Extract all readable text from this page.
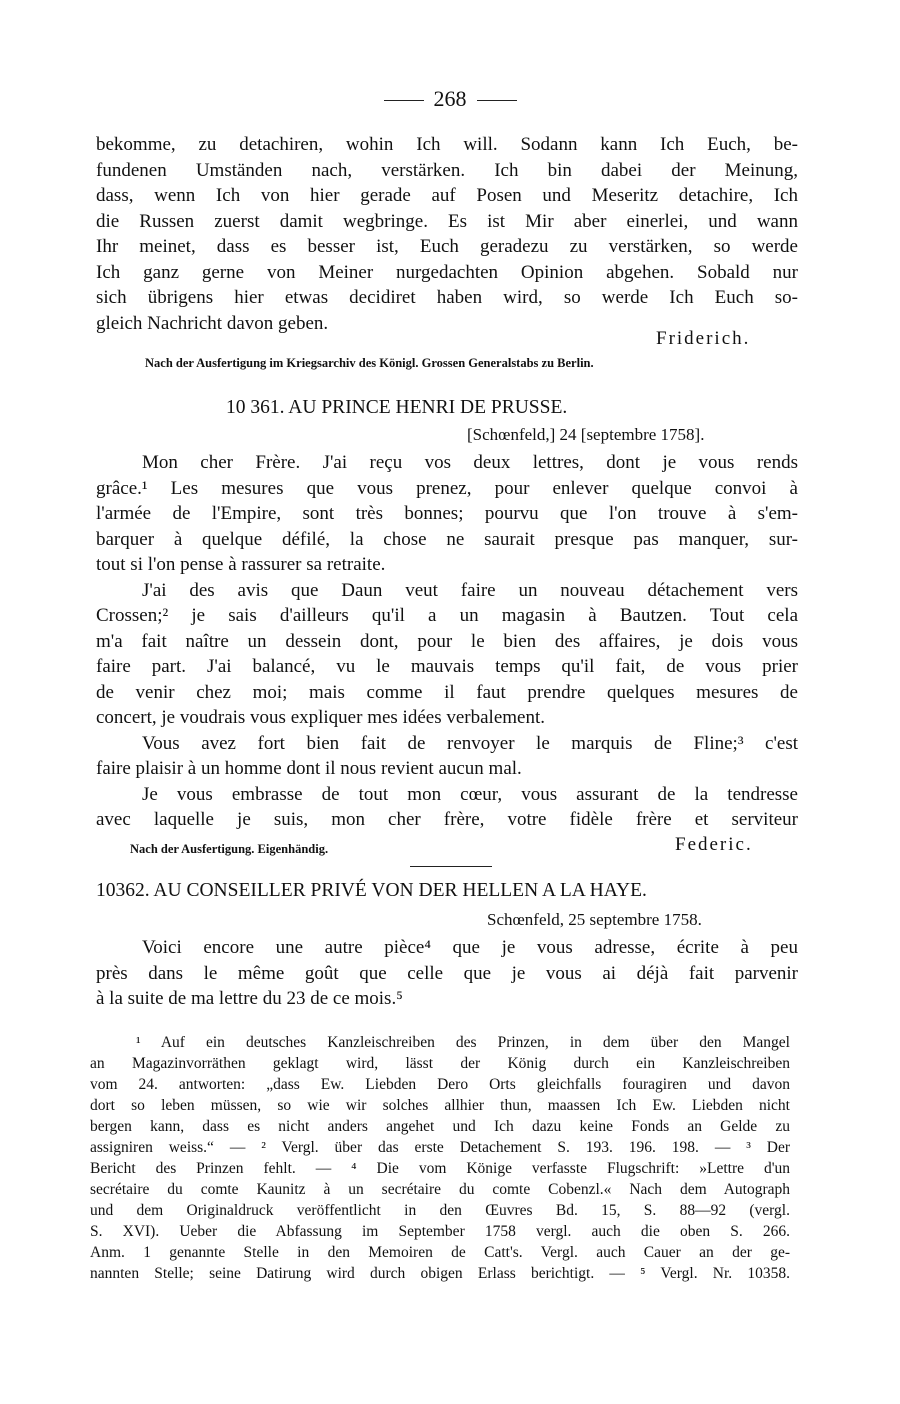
268
bekomme, zu detachiren, wohin Ich will. Sodann kann Ich Euch, be-
fundenen Umständen nach, verstärken. Ich bin dabei der Meinung,
dass, wenn Ich von hier gerade auf Posen und Meseritz detachire, Ich
die Russen zuerst damit wegbringe. Es ist Mir aber einerlei, und wann
Ihr meinet, dass es besser ist, Euch geradezu zu verstärken, so werde
Ich ganz gerne von Meiner nurgedachten Opinion abgehen. Sobald nur
sich übrigens hier etwas decidiret haben wird, so werde Ich Euch so-
gleich Nachricht davon geben.
Friderich.
Nach der Ausfertigung im Kriegsarchiv des Königl. Grossen Generalstabs zu Berlin.
10 361. AU PRINCE HENRI DE PRUSSE.
[Schœnfeld,] 24 [septembre 1758].
Mon cher Frère. J'ai reçu vos deux lettres, dont je vous rends
grâce.¹ Les mesures que vous prenez, pour enlever quelque convoi à
l'armée de l'Empire, sont très bonnes; pourvu que l'on trouve à s'em-
barquer à quelque défilé, la chose ne saurait presque pas manquer, sur-
tout si l'on pense à rassurer sa retraite.
J'ai des avis que Daun veut faire un nouveau détachement vers
Crossen;² je sais d'ailleurs qu'il a un magasin à Bautzen. Tout cela
m'a fait naître un dessein dont, pour le bien des affaires, je dois vous
faire part. J'ai balancé, vu le mauvais temps qu'il fait, de vous prier
de venir chez moi; mais comme il faut prendre quelques mesures de
concert, je voudrais vous expliquer mes idées verbalement.
Vous avez fort bien fait de renvoyer le marquis de Fline;³ c'est
faire plaisir à un homme dont il nous revient aucun mal.
Je vous embrasse de tout mon cœur, vous assurant de la tendresse
avec laquelle je suis, mon cher frère, votre fidèle frère et serviteur
Nach der Ausfertigung. Eigenhändig.	Federic.
10362. AU CONSEILLER PRIVÉ VON DER HELLEN A LA HAYE.
Schœnfeld, 25 septembre 1758.
Voici encore une autre pièce⁴ que je vous adresse, écrite à peu
près dans le même goût que celle que je vous ai déjà fait parvenir
à la suite de ma lettre du 23 de ce mois.⁵
¹ Auf ein deutsches Kanzleischreiben des Prinzen, in dem über den Mangel
an Magazinvorräthen geklagt wird, lässt der König durch ein Kanzleischreiben
vom 24. antworten: „dass Ew. Liebden Dero Orts gleichfalls fouragiren und davon
dort so leben müssen, so wie wir solches allhier thun, maassen Ich Ew. Liebden nicht
bergen kann, dass es nicht anders angehet und Ich dazu keine Fonds an Gelde zu
assigniren weiss.“ — ² Vergl. über das erste Detachement S. 193. 196. 198. — ³ Der
Bericht des Prinzen fehlt. — ⁴ Die vom Könige verfasste Flugschrift: »Lettre d'un
secrétaire du comte Kaunitz à un secrétaire du comte Cobenzl.« Nach dem Autograph
und dem Originaldruck veröffentlicht in den Œuvres Bd. 15, S. 88—92 (vergl.
S. XVI). Ueber die Abfassung im September 1758 vergl. auch die oben S. 266.
Anm. 1 genannte Stelle in den Memoiren de Catt's. Vergl. auch Cauer an der ge-
nannten Stelle; seine Datirung wird durch obigen Erlass berichtigt. — ⁵ Vergl. Nr. 10358.
